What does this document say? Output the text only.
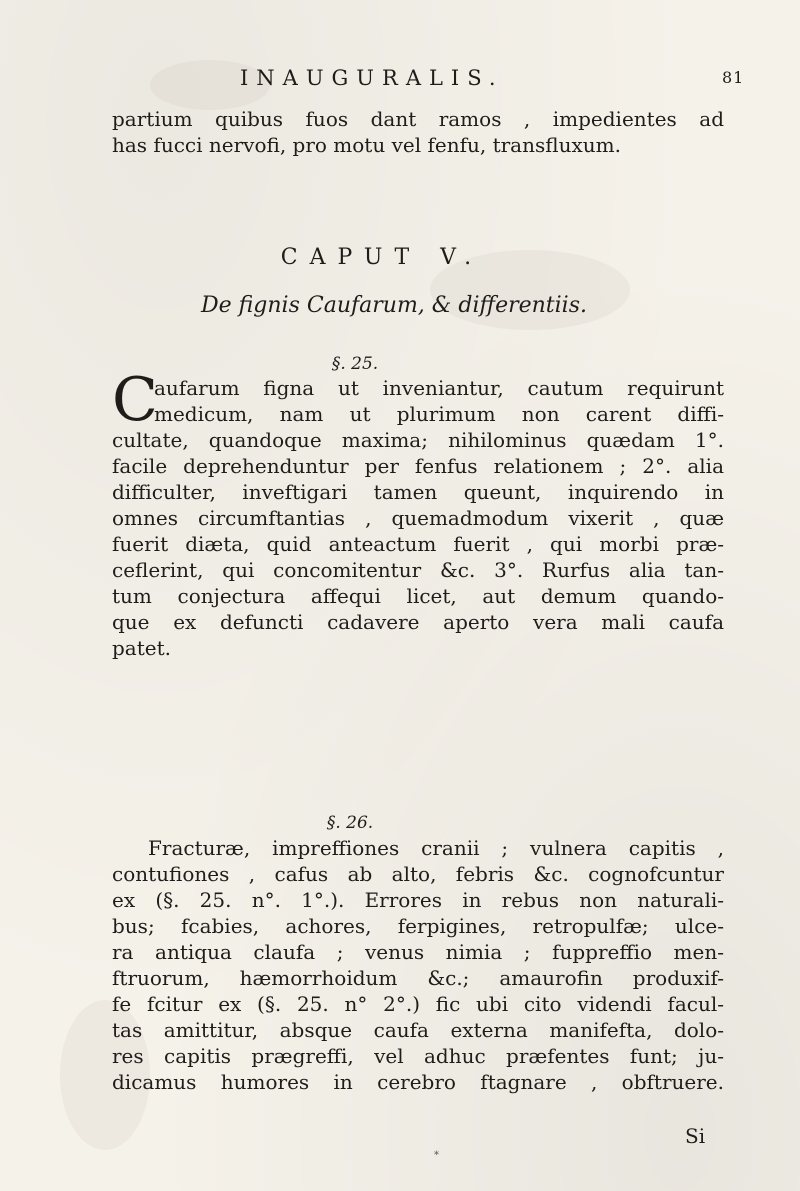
INAUGURALIS.	81
partium quibus fuos dant ramos , impedientes ad
has fucci nervofi, pro motu vel fenfu, transfluxum.
CAPUT V.
De fignis Caufarum, & differentiis.
§. 25.
C
aufarum figna ut inveniantur, cautum requirunt
medicum, nam ut plurimum non carent diffi-
cultate, quandoque maxima; nihilominus quædam 1°.
facile deprehenduntur per fenfus relationem ; 2°. alia
difficulter, inveftigari tamen queunt, inquirendo in
omnes circumftantias , quemadmodum vixerit , quæ
fuerit diæta, quid anteactum fuerit , qui morbi præ-
ceflerint, qui concomitentur &c. 3°. Rurfus alia tan-
tum conjectura affequi licet, aut demum quando-
que ex defuncti cadavere aperto vera mali caufa
patet.
§. 26.
Fracturæ, impreffiones cranii ; vulnera capitis ,
contufiones , cafus ab alto, febris &c. cognofcuntur
ex (§. 25. n°. 1°.). Errores in rebus non naturali-
bus; fcabies, achores, ferpigines, retropulfæ; ulce-
ra antiqua claufa ; venus nimia ; fuppreffio men-
ftruorum, hæmorrhoidum &c.; amaurofin produxif-
fe fcitur ex (§. 25. n° 2°.) fic ubi cito videndi facul-
tas amittitur, absque caufa externa manifefta, dolo-
res capitis prægreffi, vel adhuc præfentes funt; ju-
dicamus humores in cerebro ftagnare , obftruere.
Si
*
